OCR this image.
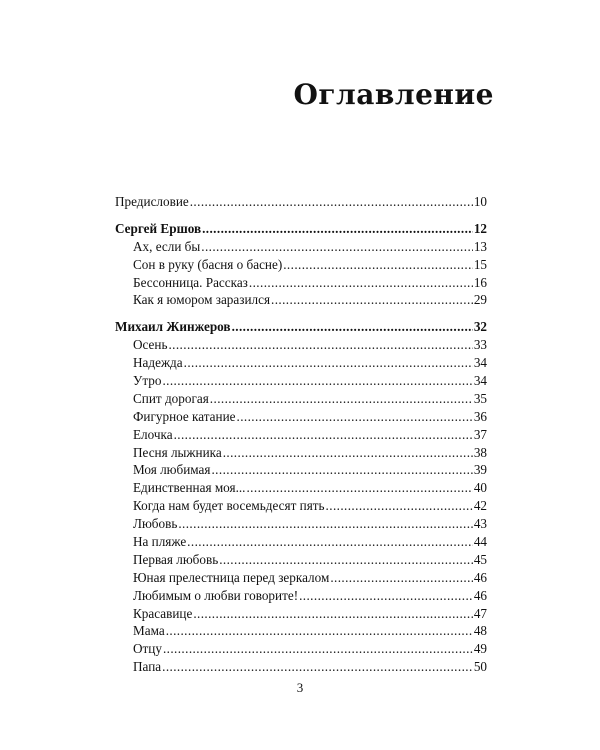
Оглавление
Предисловие .....	10
Сергей Ершов .....	12
Ах, если бы .....	13
Сон в руку (басня о басне) .....	15
Бессонница. Рассказ .....	16
Как я юмором заразился .....	29
Михаил Жинжеров .....	32
Осень .....	33
Надежда .....	34
Утро .....	34
Спит дорогая .....	35
Фигурное катание .....	36
Елочка .....	37
Песня лыжника .....	38
Моя любимая .....	39
Единственная моя... .....	40
Когда нам будет восемьдесят пять .....	42
Любовь .....	43
На пляже .....	44
Первая любовь .....	45
Юная прелестница перед зеркалом .....	46
Любимым о любви говорите! .....	46
Красавице .....	47
Мама .....	48
Отцу .....	49
Папа .....	50
3
